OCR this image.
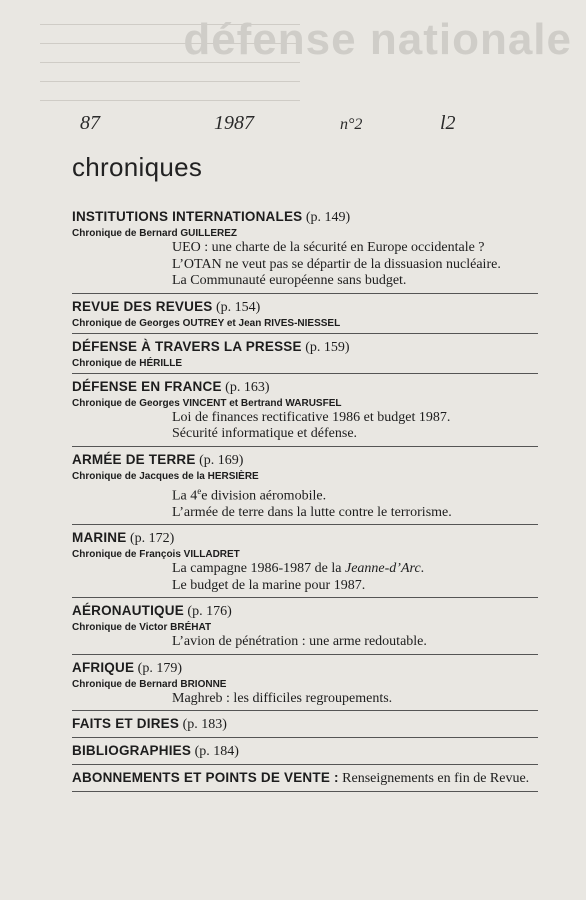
défense nationale
87	1987	n°2	l2
chroniques
INSTITUTIONS INTERNATIONALES (p. 149)
Chronique de Bernard GUILLEREZ
UEO : une charte de la sécurité en Europe occidentale ?
L’OTAN ne veut pas se départir de la dissuasion nucléaire.
La Communauté européenne sans budget.
REVUE DES REVUES (p. 154)
Chronique de Georges OUTREY et Jean RIVES-NIESSEL
DÉFENSE À TRAVERS LA PRESSE (p. 159)
Chronique de HÉRILLE
DÉFENSE EN FRANCE (p. 163)
Chronique de Georges VINCENT et Bertrand WARUSFEL
Loi de finances rectificative 1986 et budget 1987.
Sécurité informatique et défense.
ARMÉE DE TERRE (p. 169)
Chronique de Jacques de la HERSIÈRE
La 4ee division aéromobile.
L’armée de terre dans la lutte contre le terrorisme.
MARINE (p. 172)
Chronique de François VILLADRET
La campagne 1986-1987 de la Jeanne-d’Arc.
Le budget de la marine pour 1987.
AÉRONAUTIQUE (p. 176)
Chronique de Victor BRÉHAT
L’avion de pénétration : une arme redoutable.
AFRIQUE (p. 179)
Chronique de Bernard BRIONNE
Maghreb : les difficiles regroupements.
FAITS ET DIRES (p. 183)
BIBLIOGRAPHIES (p. 184)
ABONNEMENTS ET POINTS DE VENTE : Renseignements en fin de Revue.
